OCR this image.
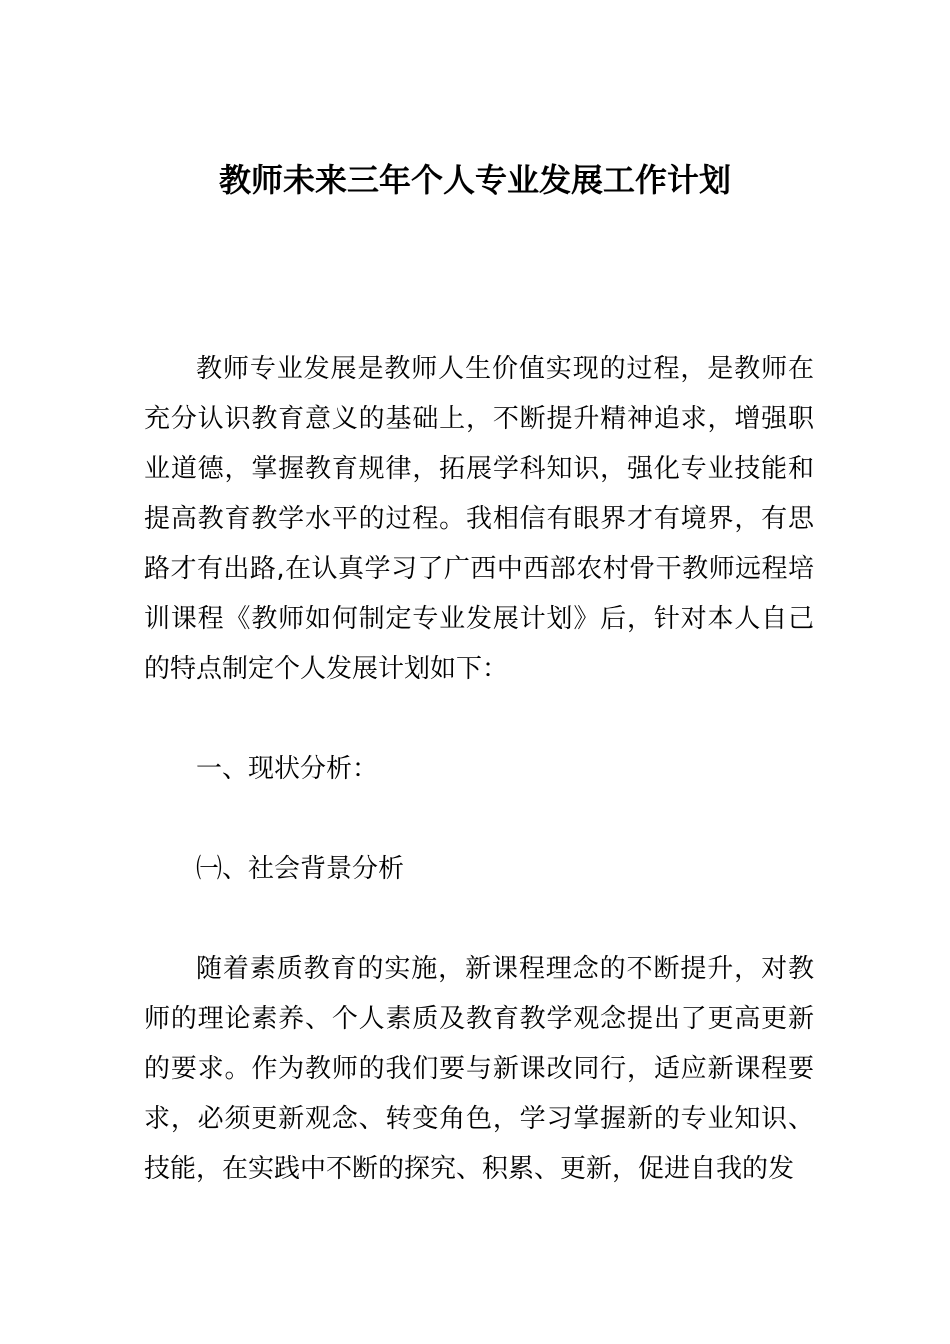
教师未来三年个人专业发展工作计划

教师专业发展是教师人生价值实现的过程，是教师在充分认识教育意义的基础上，不断提升精神追求，增强职业道德，掌握教育规律，拓展学科知识，强化专业技能和提高教育教学水平的过程。我相信有眼界才有境界，有思路才有出路,在认真学习了广西中西部农村骨干教师远程培训课程《教师如何制定专业发展计划》后，针对本人自己的特点制定个人发展计划如下：

一、现状分析：

㈠、社会背景分析

随着素质教育的实施，新课程理念的不断提升，对教师的理论素养、个人素质及教育教学观念提出了更高更新的要求。作为教师的我们要与新课改同行，适应新课程要求，必须更新观念、转变角色，学习掌握新的专业知识、技能，在实践中不断的探究、积累、更新，促进自我的发
